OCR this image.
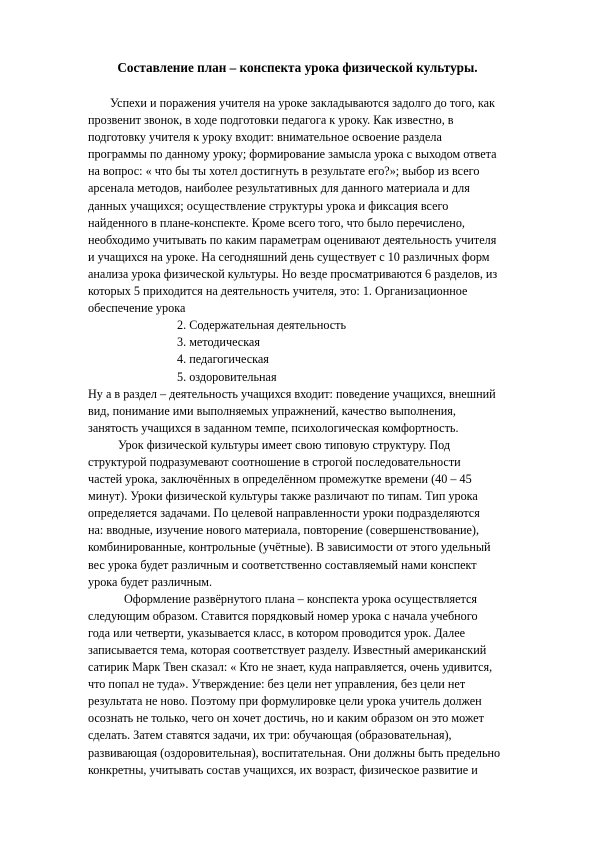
Составление план – конспекта урока физической культуры.
Успехи и поражения учителя на уроке закладываются задолго до того, как
прозвенит звонок, в ходе подготовки педагога к уроку. Как известно, в
подготовку учителя к уроку входит: внимательное освоение раздела
программы по данному уроку; формирование замысла урока с выходом ответа
на вопрос: « что бы ты хотел достигнуть в результате его?»; выбор из всего
арсенала методов, наиболее результативных для данного материала и для
данных учащихся; осуществление структуры урока и фиксация всего
найденного в плане-конспекте. Кроме всего того, что было перечислено,
необходимо учитывать по каким параметрам оценивают деятельность учителя
и учащихся на уроке. На сегодняшний день существует с 10 различных форм
анализа урока физической культуры. Но везде просматриваются 6 разделов, из
которых 5 приходится на деятельность учителя, это: 1. Организационное
обеспечение урока
2. Содержательная деятельность
3. методическая
4. педагогическая
5. оздоровительная
Ну а в раздел – деятельность учащихся входит: поведение учащихся, внешний
вид, понимание ими выполняемых упражнений, качество выполнения,
занятость учащихся в заданном темпе, психологическая комфортность.
Урок физической культуры имеет свою типовую структуру. Под
структурой подразумевают соотношение в строгой последовательности
частей урока, заключённых в определённом промежутке времени (40 – 45
минут). Уроки физической культуры также различают по типам. Тип урока
определяется задачами. По целевой направленности уроки подразделяются
на: вводные, изучение нового материала, повторение (совершенствование),
комбинированные, контрольные (учётные). В зависимости от этого удельный
вес урока будет различным и соответственно составляемый нами конспект
урока будет различным.
Оформление развёрнутого плана – конспекта урока осуществляется
следующим образом. Ставится порядковый номер урока с начала учебного
года или четверти, указывается класс, в котором проводится урок. Далее
записывается тема, которая соответствует разделу. Известный американский
сатирик Марк Твен сказал: « Кто не знает, куда направляется, очень удивится,
что попал не туда». Утверждение: без цели нет управления, без цели нет
результата не ново. Поэтому при формулировке цели урока учитель должен
осознать не только, чего он хочет достичь, но и каким образом он это может
сделать. Затем ставятся задачи, их три: обучающая (образовательная),
развивающая (оздоровительная), воспитательная. Они должны быть предельно
конкретны, учитывать состав учащихся, их возраст, физическое развитие и
